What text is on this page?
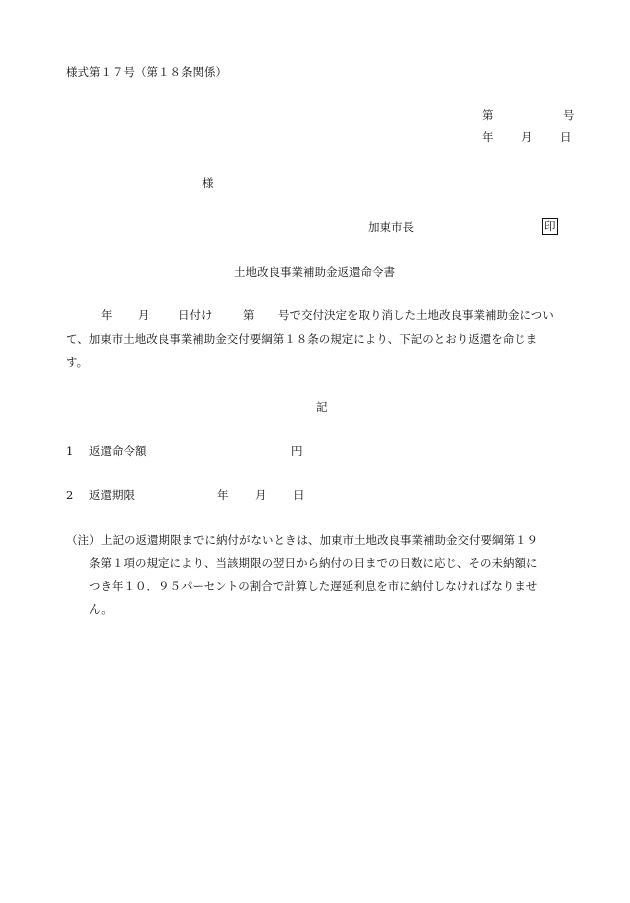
様式第１７号（第１８条関係）
第	号
年 月 日
様
加東市長	印
土地改良事業補助金返還命令書
年 月 日付け	第 号で交付決定を取り消した土地改良事業補助金につい
て、加東市土地改良事業補助金交付要綱第１８条の規定により、下記のとおり返還を命じま
す。
記
1 返還命令額	円
2 返還期限	年 月 日
（注） 上記の返還期限までに納付がないときは、加東市土地改良事業補助金交付要綱第１９
条第１項の規定により、当該期限の翌日から納付の日までの日数に応じ、その未納額に
つき年１０．９５パーセントの割合で計算した遅延利息を市に納付しなければなりませ
ん。
